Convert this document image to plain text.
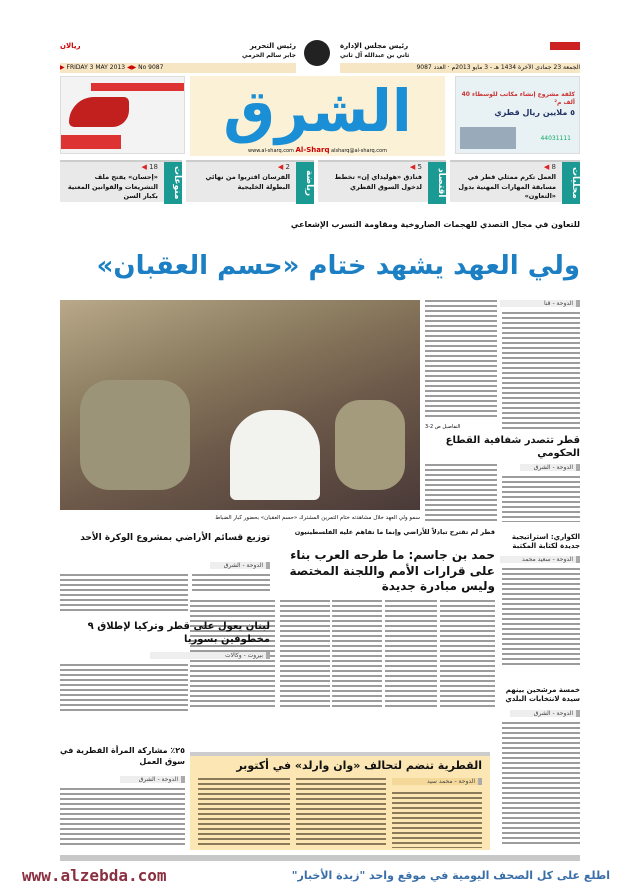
ريالان	رئيس التحرير
جابر سالم الحرمي
رئيس مجلس الإدارة
ثاني بن عبدالله آل ثاني
▶ FRIDAY 3 MAY 2013 ◀▶ No 9087	الجمعة 23 جمادى الآخرة 1434 هـ - 3 مايو 2013م · العدد 9087
الشرق
www.al-sharq.com Al-Sharq alsharq@al-sharq.com
كلفة مشروع إنشاء مكاتب للوسطاء 40 ألف م²
٥ ملايين ريال قطري
44031111
محليات
8 ◀
العمل تكرم ممثلي قطر في مسابقة المهارات المهنية بدول «التعاون»
اقتصاد
5 ◀
فنادق «هوليداي إن» تخطط لدخول السوق القطري
رياضة
2 ◀
الفرسان اقتربوا من نهائي البطولة الخليجية
منوعات
18 ◀
«إحسان» يفتح ملف التشريعات والقوانين المعنية بكبار السن
للتعاون في مجال التصدي للهجمات الصاروخية ومقاومة التسرب الإشعاعي
ولي العهد يشهد ختام «حسم العقبان»
سمو ولي العهد خلال مشاهدته ختام التمرين المشترك «حسم العقبان» بحضور كبار الضباط
الدوحة - قنا
التفاصيل ص 2-3
قطر تتصدر شفافية القطاع الحكومي
الدوحة - الشرق
الكواري: استراتيجية جديدة لكتابة المكتبة
الدوحة - سعيد محمد
خمسة مرشحين بينهم سيدة لانتخابات البلدي
الدوحة - الشرق
قطر لم تقترح تبادلاً للأراضي وإنما ما تفاهم عليه الفلسطينيون
حمد بن جاسم: ما طرحه العرب بناء على قرارات الأمم واللجنة المختصة وليس مبادرة جديدة
توزيع قسائم الأراضي بمشروع الوكرة الأحد
الدوحة - الشرق
لبنان يعول على قطر وتركيا لإطلاق ٩ مخطوفين بسوريا
بيروت - وكالات
٢٥٪ مشاركة المرأة القطرية في سوق العمل
الدوحة - الشرق
القطرية تنضم لتحالف «وان وارلد» في أكتوبر
الدوحة - محمد سيد
www.alzebda.com	اطلع على كل الصحف اليومية في موقع واحد "زبدة الأخبار"
